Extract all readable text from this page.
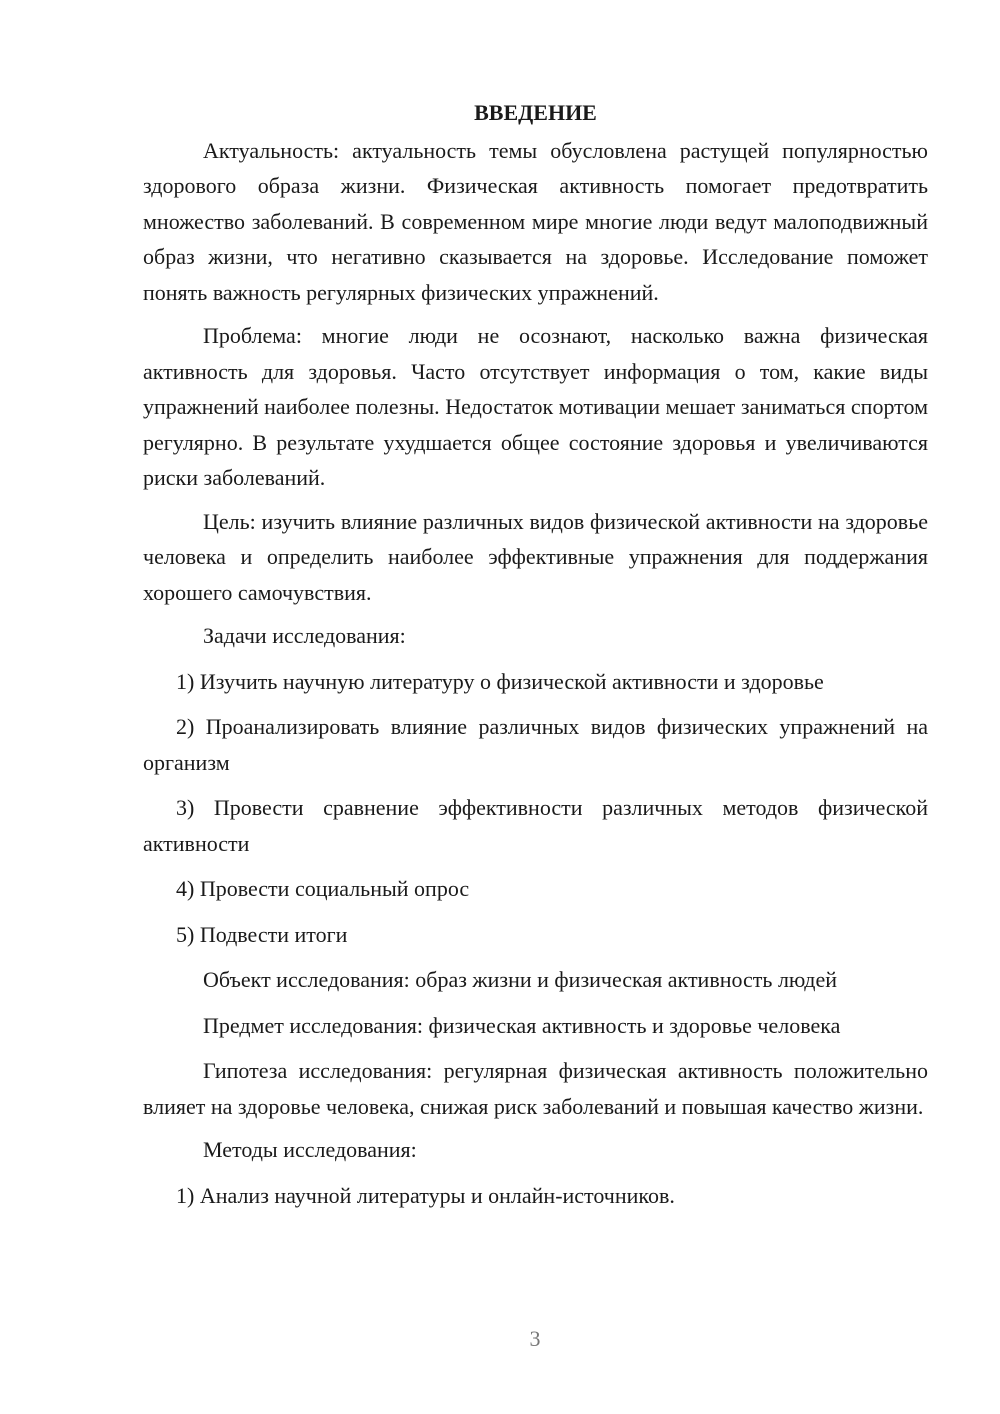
ВВЕДЕНИЕ

Актуальность: актуальность темы обусловлена растущей популярностью здорового образа жизни. Физическая активность помогает предотвратить множество заболеваний. В современном мире многие люди ведут малоподвижный образ жизни, что негативно сказывается на здоровье. Исследование поможет понять важность регулярных физических упражнений.

Проблема: многие люди не осознают, насколько важна физическая активность для здоровья. Часто отсутствует информация о том, какие виды упражнений наиболее полезны. Недостаток мотивации мешает заниматься спортом регулярно. В результате ухудшается общее состояние здоровья и увеличиваются риски заболеваний.

Цель: изучить влияние различных видов физической активности на здоровье человека и определить наиболее эффективные упражнения для поддержания хорошего самочувствия.

Задачи исследования:

1) Изучить научную литературу о физической активности и здоровье

2) Проанализировать влияние различных видов физических упражнений на организм

3) Провести сравнение эффективности различных методов физической активности

4) Провести социальный опрос

5) Подвести итоги

Объект исследования: образ жизни и физическая активность людей

Предмет исследования: физическая активность и здоровье человека

Гипотеза исследования: регулярная физическая активность положительно влияет на здоровье человека, снижая риск заболеваний и повышая качество жизни.

Методы исследования:

1) Анализ научной литературы и онлайн-источников.

3
